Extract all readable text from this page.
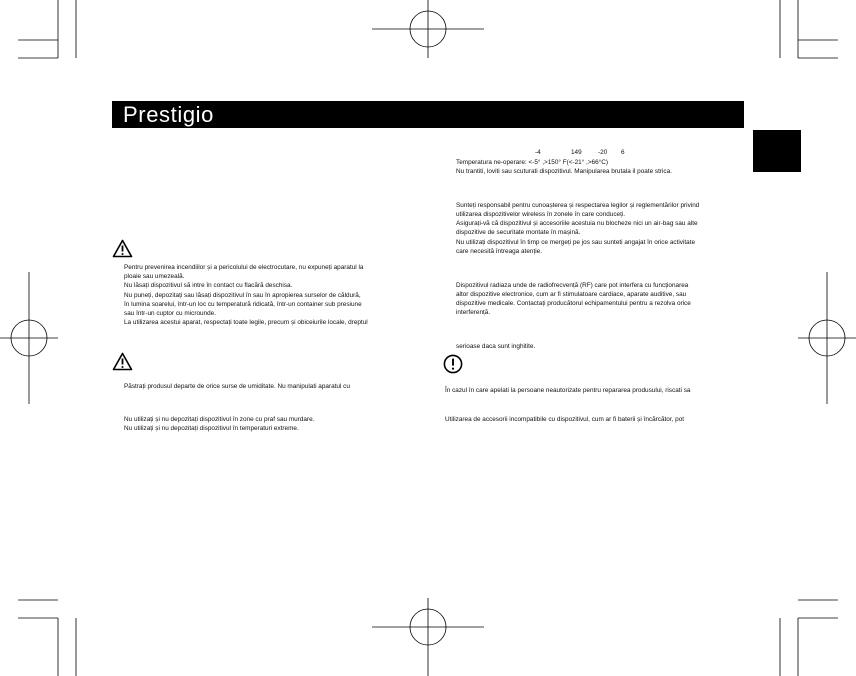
Prestigio
Pentru prevenirea incendiilor și a pericolului de electrocutare, nu expuneți aparatul la
ploaie sau umezeală.
Nu lăsați dispozitivul să intre în contact cu flacără deschisa.
Nu puneți, depozitați sau lăsați dispozitivul în sau în apropierea surselor de căldură,
în lumina soarelui, într-un loc cu temperatură ridicată, într-un container sub presiune
sau într-un cuptor cu microunde.
La utilizarea acestui aparat, respectați toate legile, precum și obiceiurile locale, dreptul
Păstrați produsul departe de orice surse de umiditate. Nu manipulati aparatul cu
Nu utilizați și nu depozitați dispozitivul în zone cu praf sau murdare.
Nu utilizați și nu depozitați dispozitivul în temperaturi extreme.
-4	149	-20 6
Temperatura ne-operare: <-5° ,>150° F(<-21° ,>66°C)
Nu trantiti, loviti sau scuturati dispozitivul. Manipularea brutala il poate strica.
Sunteți responsabil pentru cunoașterea și respectarea legilor și reglementărilor privind
utilizarea dispozitivelor wireless în zonele în care conduceți.
Asigurați-vă că dispozitivul și accesoriile acestuia nu blochеze nici un air-bag sau alte
dispozitive de securitate montate în mașină.
Nu utilizați dispozitivul în timp ce mergeți pe jos sau sunteti angajat în orice activitate
care necesită întreaga atenție.
Dispozitivul radiaza unde de radiofrecvență (RF) care pot interfera cu funcționarea
altor dispozitive electronice, cum ar fi stimulatoare cardiace, aparate auditive, sau
dispozitive medicale. Contactați producătorul echipamentului pentru a rezolva orice
interferență.
serioase daca sunt inghitite.
În cazul în care apelati la persoane neautorizate pentru repararea produsului, riscati sa
Utilizarea de accesorii incompatibile cu dispozitivul, cum ar fi baterii și încărcător, pot
